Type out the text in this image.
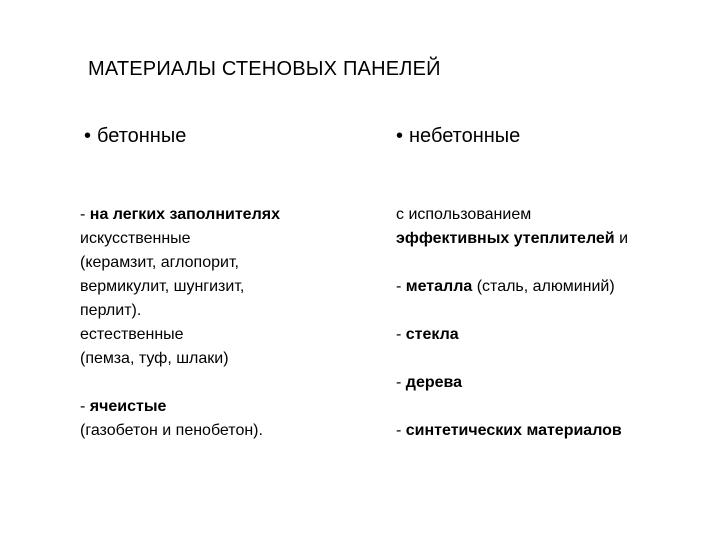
МАТЕРИАЛЫ СТЕНОВЫХ ПАНЕЛЕЙ
• бетонные	• небетонные

- на легких заполнителях

искусственные

(керамзит, аглопорит,

вермикулит, шунгизит,

перлит).

естественные

(пемза, туф, шлаки)

- ячеистые

(газобетон и пенобетон).

с использованием

эффективных утеплителей и

- металла (сталь, алюминий)

- стекла

- дерева

- синтетических материалов
